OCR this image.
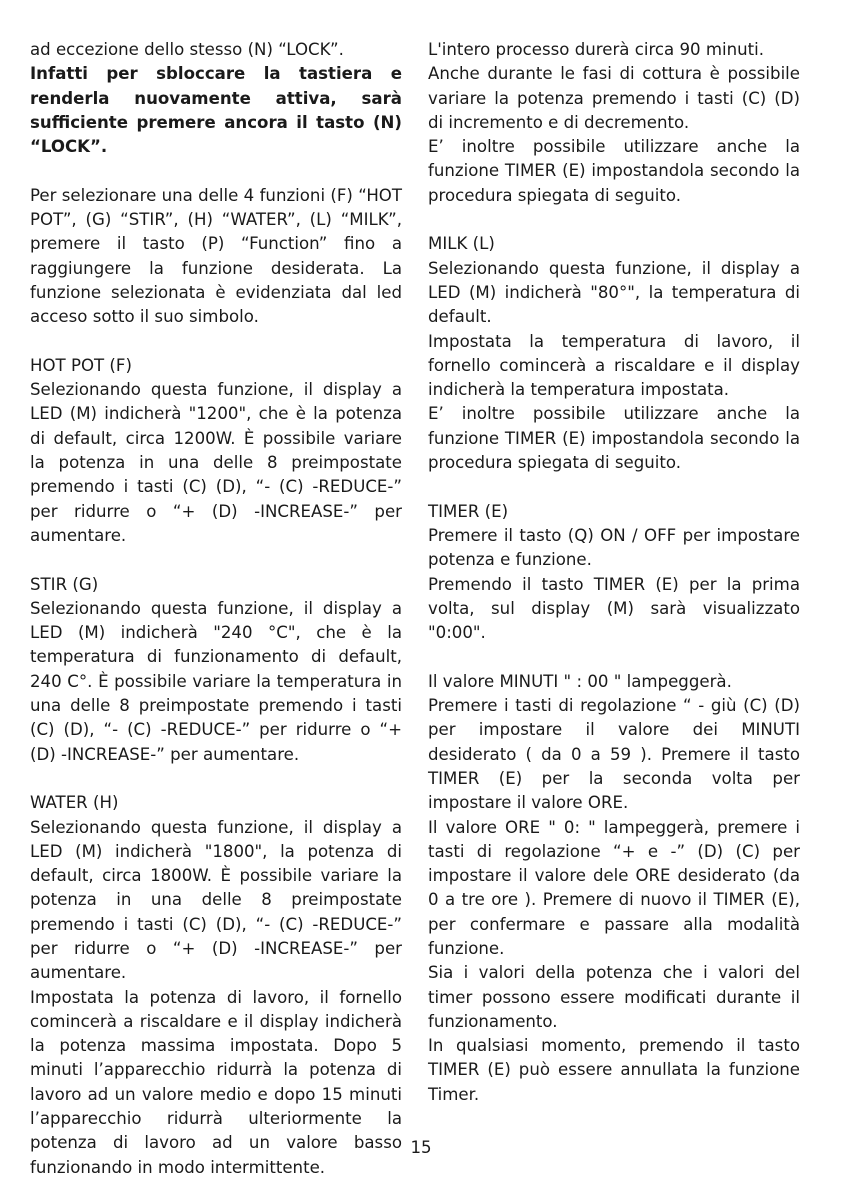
ad eccezione dello stesso (N) “LOCK”.

Infatti per sbloccare la tastiera e renderla nuovamente attiva, sarà sufficiente premere ancora il tasto (N) “LOCK”.

Per selezionare una delle 4 funzioni (F) “HOT POT”, (G) “STIR”, (H) “WATER”, (L) “MILK”, premere il tasto (P) “Function” fino a raggiungere la funzione desiderata. La funzione selezionata è evidenziata dal led acceso sotto il suo simbolo.

HOT POT (F)

Selezionando questa funzione, il display a LED (M) indicherà "1200", che è la potenza di default, circa 1200W. È possibile variare la potenza in una delle 8 preimpostate premendo i tasti (C) (D), “- (C) -REDUCE-” per ridurre o “+ (D) -INCREASE-” per aumentare.

STIR (G)

Selezionando questa funzione, il display a LED (M) indicherà "240 °C", che è la temperatura di funzionamento di default, 240 C°. È possibile variare la temperatura in una delle 8 preimpostate premendo i tasti (C) (D), “- (C) -REDUCE-” per ridurre o “+ (D) -INCREASE-” per aumentare.

WATER (H)

Selezionando questa funzione, il display a LED (M) indicherà "1800", la potenza di default, circa 1800W. È possibile variare la potenza in una delle 8 preimpostate premendo i tasti (C) (D), “- (C) -REDUCE-” per ridurre o “+ (D) -INCREASE-” per aumentare.

Impostata la potenza di lavoro, il fornello comincerà a riscaldare e il display indicherà la potenza massima impostata. Dopo 5 minuti l’apparecchio ridurrà la potenza di lavoro ad un valore medio e dopo 15 minuti l’apparecchio ridurrà ulteriormente la potenza di lavoro ad un valore basso funzionando in modo intermittente.

L'intero processo durerà circa 90 minuti.

Anche durante le fasi di cottura è possibile variare la potenza premendo i tasti (C) (D) di incremento e di decremento.

E’ inoltre possibile utilizzare anche la funzione TIMER (E) impostandola secondo la procedura spiegata di seguito.

MILK (L)

Selezionando questa funzione, il display a LED (M) indicherà "80°", la temperatura di default.

Impostata la temperatura di lavoro, il fornello comincerà a riscaldare e il display indicherà la temperatura impostata.

E’ inoltre possibile utilizzare anche la funzione TIMER (E) impostandola secondo la procedura spiegata di seguito.

TIMER (E)

Premere il tasto (Q) ON / OFF per impostare potenza e funzione.

Premendo il tasto TIMER (E) per la prima volta, sul display (M) sarà visualizzato "0:00".

Il valore MINUTI " : 00 " lampeggerà.

Premere i tasti di regolazione “ - giù (C) (D) per impostare il valore dei MINUTI desiderato ( da 0 a 59 ). Premere il tasto TIMER (E) per la seconda volta per impostare il valore ORE.

Il valore ORE " 0: " lampeggerà, premere i tasti di regolazione “+ e -” (D) (C) per impostare il valore dele ORE desiderato (da 0 a tre ore ). Premere di nuovo il TIMER (E), per confermare e passare alla modalità funzione.

Sia i valori della potenza che i valori del timer possono essere modificati durante il funzionamento.

In qualsiasi momento, premendo il tasto TIMER (E) può essere annullata la funzione Timer.

15
